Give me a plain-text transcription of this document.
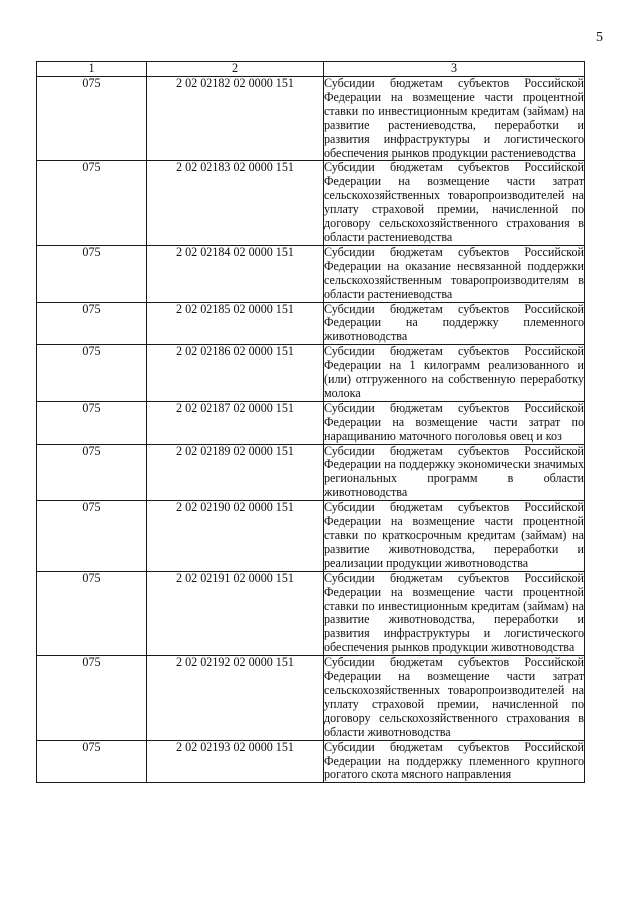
5
1	2	3
075	2 02 02182 02 0000 151	Субсидии бюджетам субъектов Российской Федерации на возмещение части процентной ставки по инвестиционным кредитам (займам) на развитие растениеводства, переработки и развития инфраструктуры и логистического обеспечения рынков продукции растениеводства
075	2 02 02183 02 0000 151	Субсидии бюджетам субъектов Российской Федерации на возмещение части затрат сельскохозяйственных товаропроизводителей на уплату страховой премии, начисленной по договору сельскохозяйственного страхования в области растениеводства
075	2 02 02184 02 0000 151	Субсидии бюджетам субъектов Российской Федерации на оказание несвязанной поддержки сельскохозяйственным товаропроизводителям в области растениеводства
075	2 02 02185 02 0000 151	Субсидии бюджетам субъектов Российской Федерации на поддержку племенного животноводства
075	2 02 02186 02 0000 151	Субсидии бюджетам субъектов Российской Федерации на 1 килограмм реализованного и (или) отгруженного на собственную переработку молока
075	2 02 02187 02 0000 151	Субсидии бюджетам субъектов Российской Федерации на возмещение части затрат по наращиванию маточного поголовья овец и коз
075	2 02 02189 02 0000 151	Субсидии бюджетам субъектов Российской Федерации на поддержку экономически значимых региональных программ в области животноводства
075	2 02 02190 02 0000 151	Субсидии бюджетам субъектов Российской Федерации на возмещение части процентной ставки по краткосрочным кредитам (займам) на развитие животноводства, переработки и реализации продукции животноводства
075	2 02 02191 02 0000 151	Субсидии бюджетам субъектов Российской Федерации на возмещение части процентной ставки по инвестиционным кредитам (займам) на развитие животноводства, переработки и развития инфраструктуры и логистического обеспечения рынков продукции животноводства
075	2 02 02192 02 0000 151	Субсидии бюджетам субъектов Российской Федерации на возмещение части затрат сельскохозяйственных товаропроизводителей на уплату страховой премии, начисленной по договору сельскохозяйственного страхования в области животноводства
075	2 02 02193 02 0000 151	Субсидии бюджетам субъектов Российской Федерации на поддержку племенного крупного рогатого скота мясного направления
